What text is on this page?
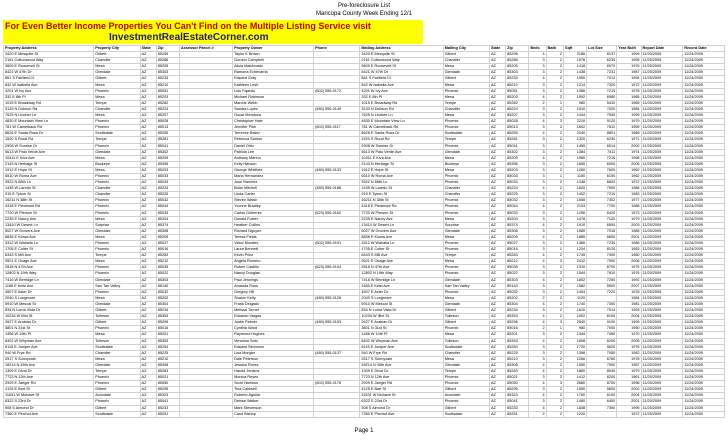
Pre-foreclosure List
Maricopa County Week Ending 12/1
For Even Better Income Properties You Can't Find on the Multiple Listing Service visit
InvestmentRealEstateCorner.com
Property Address	Property City	State	Zip	Assessor Parcel #	Property Owner	Phone	Mailing Address	Mailing City	State	Zip	Beds	Bath	Sqft	Lot Size	Year Built	Report Date	Record Date
3420 E Mesquite St	Gilbert	AZ	85296		Taylor K Brown		3420 E Mesquite St	Gilbert	AZ	85296	4	2	2186	8137	1999	11/25/2009	11/24/2009
2161 Cottonwood Way	Chandler	AZ	85286		Gordon Campbell		2161 Cottonwood Way	Chandler	AZ	85286	3	2	1576	6235	1995	11/25/2009	11/24/2009
3609 E Roosevelt St	Mesa	AZ	85205		Alicia Maldonado		3609 E Roosevelt St	Mesa	AZ	85205	3	2	1418	6970	1976	11/25/2009	11/24/2009
8421 W 47th Dr	Glendale	AZ	85303		Ramona Echevarria		8421 W 47th Dr	Glendale	AZ	85303	3	2	1438	7231	1987	11/25/2009	11/24/2009
861 S Fairfield Ct	Gilbert	AZ	85233		Edward Gray		861 S Fairfield Ct	Gilbert	AZ	85233	4	2	1950	7012	1994	11/25/2009	11/24/2009
842 W Isabella Ave	Mesa	AZ	85210		Kathleen Lesh		842 W Isabella Ave	Mesa	AZ	85210	3	2	1214	7320	1972	11/25/2009	11/24/2009
4201 W Ivy Ave	Phoenix	AZ	85051		Luis Fajardo	(602) 555-0172	4201 W Ivy Ave	Phoenix	AZ	85051	3	2	1386	7215	1978	11/25/2009	11/24/2009
332 E 8th Pl	Mesa	AZ	85203		Michael Robinson		332 E 8th Pl	Mesa	AZ	85203	4	2	1592	6980	1985	11/25/2009	11/24/2009
1015 E Broadway Rd	Tempe	AZ	85282		Marcus Webb		1015 E Broadway Rd	Tempe	AZ	85282	2	1	980	5410	1965	11/25/2009	11/24/2009
3133 N Dobson Rd	Chandler	AZ	85224		Sandra Lopez	(480) 555-0149	3133 N Dobson Rd	Chandler	AZ	85224	3	2	1510	7020	1984	11/25/2009	11/24/2009
7625 N Lindner Ln	Mesa	AZ	85207		Oscar Mendoza		7625 N Lindner Ln	Mesa	AZ	85207	3	2	1444	7530	1999	11/25/2009	11/24/2009
4830 E Mountain View Ln	Phoenix	AZ	85028		Christopher Hale		4830 E Mountain View Ln	Phoenix	AZ	85028	4	3	2210	9120	1979	11/25/2009	11/24/2009
781 W Camelback Rd	Phoenix	AZ	85013		Jennifer Pike	(602) 555-0117	781 W Camelback Rd	Phoenix	AZ	85013	3	2	1602	7812	1959	11/25/2009	11/24/2009
8626 E Santa Rosa Dr	Scottsdale	AZ	85255		Terrence Baker		8626 E Santa Rosa Dr	Scottsdale	AZ	85255	4	2	2040	8801	1989	11/25/2009	11/24/2009
1520 S Rural Rd	Tempe	AZ	85281		Rebecca Santos		1520 S Rural Rd	Tempe	AZ	85281	3	2	1320	6230	1971	11/25/2009	11/24/2009
2908 W Sunrise Dr	Phoenix	AZ	85041		Daniel Ortiz		2908 W Sunrise Dr	Phoenix	AZ	85041	3	2	1455	6514	2002	11/25/2009	11/24/2009
5613 W Palo Verde Ave	Glendale	AZ	85302		Patricia Lee		5613 W Palo Verde Ave	Glendale	AZ	85302	3	2	1384	7411	1974	11/25/2009	11/24/2009
10411 E Kiva Ave	Mesa	AZ	85209		Anthony Marino		10411 E Kiva Ave	Mesa	AZ	85209	4	2	1980	7216	1998	11/25/2009	11/24/2009
2143 N Heritage St	Buckeye	AZ	85396		Kelly Hanson		2143 N Heritage St	Buckeye	AZ	85396	3	2	1650	6000	2005	11/25/2009	11/24/2009
1912 E Hope St	Mesa	AZ	85203		George Whitfield	(480) 555-0133	1912 E Hope St	Mesa	AZ	85203	3	2	1260	7600	1962	11/25/2009	11/24/2009
6510 W Roma Ave	Phoenix	AZ	85033		Maria Hernandez		6510 W Roma Ave	Phoenix	AZ	85033	3	1	1150	6150	1962	11/25/2009	11/24/2009
3922 N 68th Ln	Phoenix	AZ	85033		Jose Ramirez		3922 N 68th Ln	Phoenix	AZ	85033	3	2	1348	6602	1972	11/25/2009	11/24/2009
1435 W Laredo St	Chandler	AZ	85224		Brian Mitchell	(480) 555-0188	1435 W Laredo St	Chandler	AZ	85224	4	2	1820	7500	1986	11/25/2009	11/24/2009
919 E Tyson St	Chandler	AZ	85225		Linda Carter		919 E Tyson St	Chandler	AZ	85225	3	2	1402	7210	1983	11/25/2009	11/24/2009
16211 N 38th St	Phoenix	AZ	85032		Steven Walsh		16211 N 38th St	Phoenix	AZ	85032	3	2	1508	7302	1977	11/25/2009	11/24/2009
4318 E Piedmont Rd	Phoenix	AZ	85044		Yvonne Bradley		4318 E Piedmont Rd	Phoenix	AZ	85044	4	2	2103	7700	1988	11/25/2009	11/24/2009
7720 W Pierson St	Phoenix	AZ	85033		Carlos Gutierrez	(623) 555-0162	7720 W Pierson St	Phoenix	AZ	85033	3	2	1296	6420	1973	11/25/2009	11/24/2009
2235 E Nancy Ave	Mesa	AZ	85204		Donald Foster		2235 E Nancy Ave	Mesa	AZ	85204	3	2	1478	7120	1979	11/25/2009	11/24/2009
13410 W Desert Ln	Surprise	AZ	85374		Heather Collins		13410 W Desert Ln	Surprise	AZ	85374	4	2	1910	6500	2003	11/25/2009	11/24/2009
5027 W Grovers Ave	Glendale	AZ	85308		Richard Nguyen		5027 W Grovers Ave	Glendale	AZ	85308	3	2	1580	7016	1985	11/25/2009	11/24/2009
8836 E Kiowa Ave	Mesa	AZ	85209		Teresa Fields		8836 E Kiowa Ave	Mesa	AZ	85209	4	2	1885	6650	2001	11/25/2009	11/24/2009
3312 W Wahalla Ln	Phoenix	AZ	85027		Victor Morales	(602) 555-0191	3312 W Wahalla Ln	Phoenix	AZ	85027	3	2	1366	7230	1986	11/25/2009	11/24/2009
1705 E Colter St	Phoenix	AZ	85016		Laura Bennett		1705 E Colter St	Phoenix	AZ	85016	3	1	1204	8120	1953	11/25/2009	11/24/2009
6443 S Mill Ave	Tempe	AZ	85283		Kevin Price		6443 S Mill Ave	Tempe	AZ	85283	4	2	1745	7400	1980	11/25/2009	11/24/2009
9521 E Osage Ave	Mesa	AZ	85212		Angela Romero		9521 E Osage Ave	Mesa	AZ	85212	4	3	2412	7900	2006	11/25/2009	11/24/2009
2818 N 47th Ave	Phoenix	AZ	85035		Ruben Castillo	(623) 555-0104	2818 N 47th Ave	Phoenix	AZ	85035	3	2	1310	6700	1975	11/25/2009	11/24/2009
12802 N 19th Way	Phoenix	AZ	85022		Nancy Douglas		12802 N 19th Way	Phoenix	AZ	85022	3	2	1544	7810	1976	11/25/2009	11/24/2009
7416 W Berridge Ln	Glendale	AZ	85303		Paul Jennings		7416 W Berridge Ln	Glendale	AZ	85303	4	2	1802	7250	1992	11/25/2009	11/24/2009
1166 E Kelsi Ave	San Tan Valley	AZ	85140		Amanda Ross		1166 E Kelsi Ave	San Tan Valley	AZ	85140	3	2	1582	5900	2007	11/25/2009	11/24/2009
4507 E Aster Dr	Phoenix	AZ	85032		Gregory Hill		4507 E Aster Dr	Phoenix	AZ	85032	3	2	1404	7220	1978	11/25/2009	11/24/2009
2040 S Longmore	Mesa	AZ	85202		Sharon Kelly	(480) 555-0126	2040 S Longmore	Mesa	AZ	85202	2	2	1120		1984	11/25/2009	11/24/2009
5910 W Mescal St	Glendale	AZ	85304		Frank Delgado		5910 W Mescal St	Glendale	AZ	85304	4	2	1740	7300	1981	11/25/2009	11/24/2009
834 N Loma Vista Dr	Gilbert	AZ	85234		Melissa Turner		834 N Loma Vista Dr	Gilbert	AZ	85234	3	2	1610	7014	1993	11/25/2009	11/24/2009
10234 W Illini St	Tolleson	AZ	85353		Eduardo Vargas		10234 W Illini St	Tolleson	AZ	85353	4	2	1902	6100	2004	11/25/2009	11/24/2009
2627 E Arabian Dr	Gilbert	AZ	85296		Justin Palmer	(480) 555-0153	2627 E Arabian Dr	Gilbert	AZ	85296	4	3	2540	9100	1999	11/25/2009	11/24/2009
3801 N 31st St	Phoenix	AZ	85016		Cynthia Ward		3801 N 31st St	Phoenix	AZ	85016	2	1	980	7000	1950	11/25/2009	11/24/2009
1456 W 10th Pl	Mesa	AZ	85201		Raymond Hughes		1456 W 10th Pl	Mesa	AZ	85201	3	2	1344	7450	1970	11/25/2009	11/24/2009
8402 W Whyman Ave	Tolleson	AZ	85353		Veronica Soto		8402 W Whyman Ave	Tolleson	AZ	85353	4	2	1808	6200	2005	11/25/2009	11/24/2009
6115 E Juniper Ave	Scottsdale	AZ	85254		Edward Simmons		6115 E Juniper Ave	Scottsdale	AZ	85254	3	2	1720	9620	1976	11/25/2009	11/24/2009
940 W Frye Rd	Chandler	AZ	85225		Lisa Morgan	(480) 555-0137	940 W Frye Rd	Chandler	AZ	85225	3	2	1398	7050	1982	11/25/2009	11/24/2009
2517 S Sunnyvale	Mesa	AZ	85210		Dale Peterson		2517 S Sunnyvale	Mesa	AZ	85210	3	2	1266	6780	1978	11/25/2009	11/24/2009
18214 N 45th Ave	Glendale	AZ	85308		Jessica Flores		18214 N 45th Ave	Glendale	AZ	85308	4	2	1950	7900	1987	11/25/2009	11/24/2009
1309 E Divot Dr	Tempe	AZ	85283		Harold Jenkins		1309 E Divot Dr	Tempe	AZ	85283	4	2	1860	8040	1979	11/25/2009	11/24/2009
7723 N 12th Ave	Phoenix	AZ	85021		Monica Reyes		7723 N 12th Ave	Phoenix	AZ	85021	3	2	1412	8200	1961	11/25/2009	11/24/2009
2909 E Jaeger Rd	Phoenix	AZ	85050		Scott Harrison	(602) 555-0178	2909 E Jaeger Rd	Phoenix	AZ	85050	4	3	2680	8700	1996	11/25/2009	11/24/2009
4125 E Bart St	Gilbert	AZ	85295		Tina Caldwell		4125 E Bart St	Gilbert	AZ	85295	3	2	1590	5600	2002	11/25/2009	11/24/2009
11631 W Mohave St	Avondale	AZ	85323		Roberto Aguilar		11631 W Mohave St	Avondale	AZ	85323	4	2	1760	6100	2004	11/25/2009	11/24/2009
6322 S 23rd Dr	Phoenix	AZ	85041		Denise Walker		6322 S 23rd Dr	Phoenix	AZ	85041	3	2	1480	6400	2001	11/25/2009	11/24/2009
508 S Almond Dr	Gilbert	AZ	85233		Mark Stevenson		508 S Almond Dr	Gilbert	AZ	85233	4	2	1838	7300	1995	11/25/2009	11/24/2009
7360 E Pinchot Ave	Scottsdale	AZ	85251		Carol Bishop		7360 E Pinchot Ave	Scottsdale	AZ	85251	2	2	1220		1972	11/25/2009	11/24/2009
Page 1
